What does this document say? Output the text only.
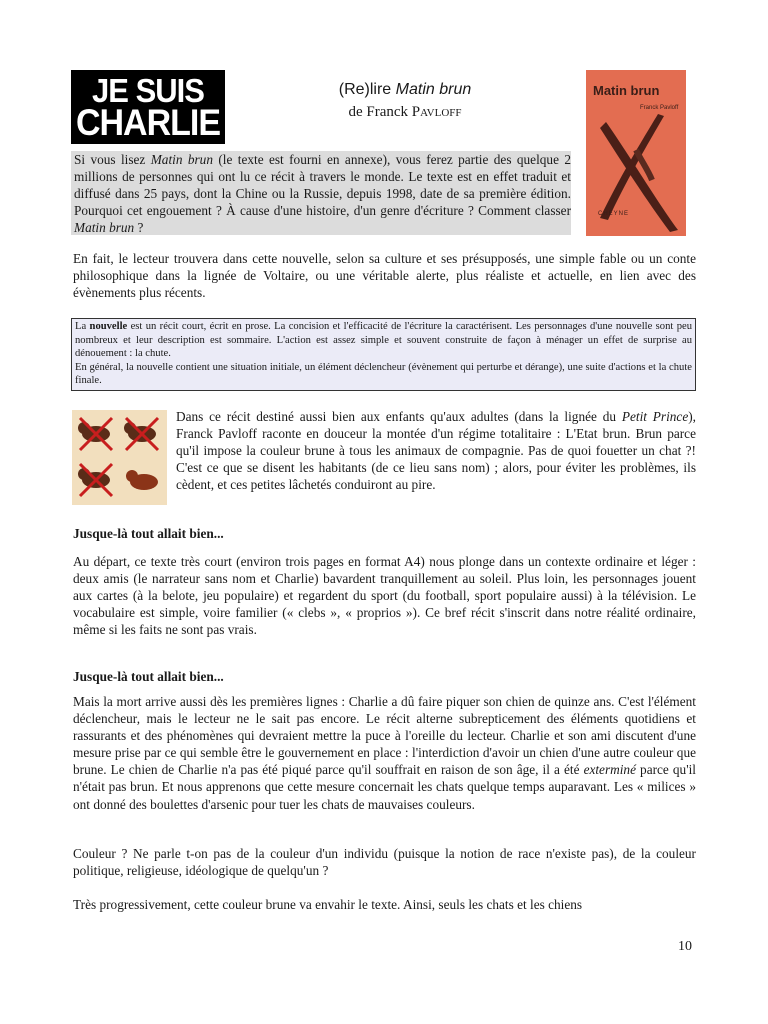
JE SUIS
CHARLIE
(Re)lire Matin brun
de Franck PAVLOFF
Matin brun
Franck Pavloff
CHEYNE
Si vous lisez Matin brun (le texte est fourni en annexe), vous ferez partie des quelque 2 millions de personnes qui ont lu ce récit à travers le monde. Le texte est en effet traduit et diffusé dans 25 pays, dont la Chine ou la Russie, depuis 1998, date de sa première édition. Pourquoi cet engouement ? À cause d'une histoire, d'un genre d'écriture ? Comment classer Matin brun ?
En fait, le lecteur trouvera dans cette nouvelle, selon sa culture et ses présupposés, une simple fable ou un conte philosophique dans la lignée de Voltaire, ou une véritable alerte, plus réaliste et actuelle, en lien avec des évènements plus récents.
La nouvelle est un récit court, écrit en prose. La concision et l'efficacité de l'écriture la caractérisent. Les personnages d'une nouvelle sont peu nombreux et leur description est sommaire. L'action est assez simple et souvent construite de façon à ménager un effet de surprise au dénouement : la chute.
En général, la nouvelle contient une situation initiale, un élément déclencheur (évènement qui perturbe et dérange), une suite d'actions et la chute finale.
Dans ce récit destiné aussi bien aux enfants qu'aux adultes (dans la lignée du Petit Prince), Franck Pavloff raconte en douceur la montée d'un régime totalitaire : L'Etat brun. Brun parce qu'il impose la couleur brune à tous les animaux de compagnie. Pas de quoi fouetter un chat ?! C'est ce que se disent les habitants (de ce lieu sans nom) ; alors, pour éviter les problèmes, ils cèdent, et ces petites lâchetés conduiront au pire.
Jusque-là tout allait bien...
Au départ, ce texte très court (environ trois pages en format A4) nous plonge dans un contexte ordinaire et léger : deux amis (le narrateur sans nom et Charlie) bavardent tranquillement au soleil. Plus loin, les personnages jouent aux cartes (à la belote, jeu populaire) et regardent du sport (du football, sport populaire aussi) à la télévision. Le vocabulaire est simple, voire familier (« clebs », « proprios »). Ce bref récit s'inscrit dans notre réalité ordinaire, même si les faits ne sont pas vrais.
Jusque-là tout allait bien...
Mais la mort arrive aussi dès les premières lignes : Charlie a dû faire piquer son chien de quinze ans. C'est l'élément déclencheur, mais le lecteur ne le sait pas encore. Le récit alterne subrepticement des éléments quotidiens et rassurants et des phénomènes qui devraient mettre la puce à l'oreille du lecteur. Charlie et son ami discutent d'une mesure prise par ce qui semble être le gouvernement en place : l'interdiction d'avoir un chien d'une autre couleur que brune. Le chien de Charlie n'a pas été piqué parce qu'il souffrait en raison de son âge, il a été exterminé parce qu'il n'était pas brun. Et nous apprenons que cette mesure concernait les chats quelque temps auparavant. Les « milices » ont donné des boulettes d'arsenic pour tuer les chats de mauvaises couleurs.
Couleur ? Ne parle t-on pas de la couleur d'un individu (puisque la notion de race n'existe pas), de la couleur politique, religieuse, idéologique de quelqu'un ?
Très progressivement, cette couleur brune va envahir le texte. Ainsi, seuls les chats et les chiens
10
